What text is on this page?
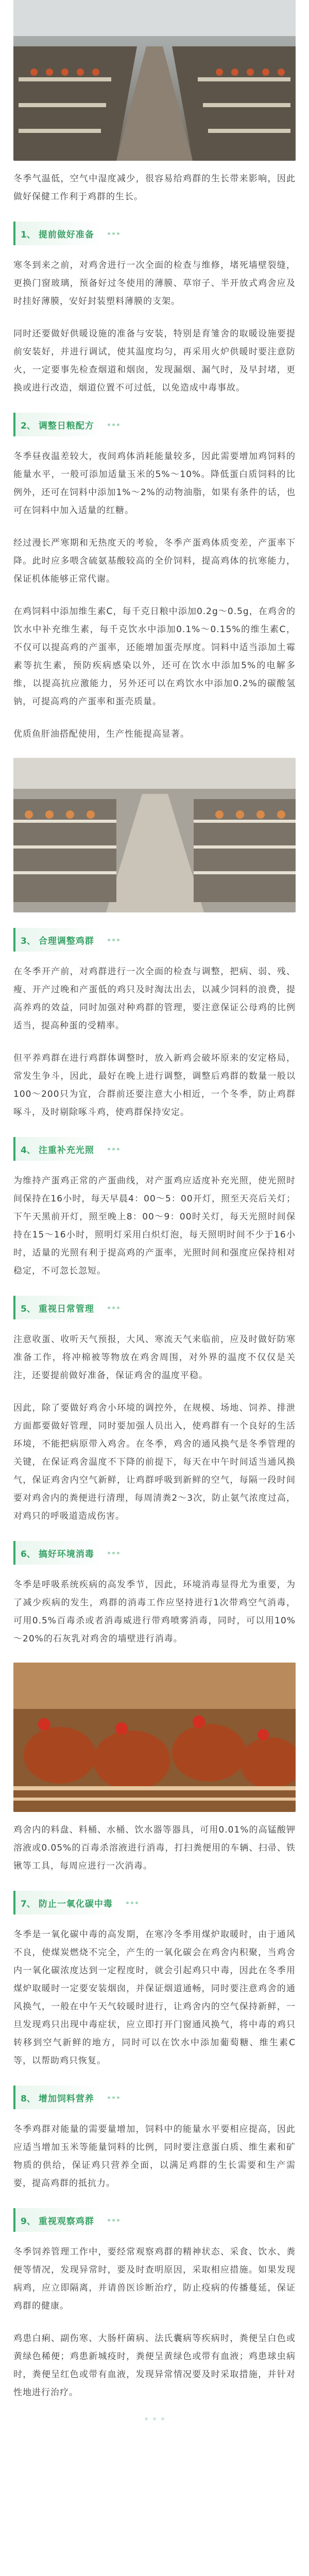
冬季气温低，空气中湿度减少，很容易给鸡群的生长带来影响，因此做好保健工作利于鸡群的生长。

1、 提前做好准备

寒冬到来之前，对鸡舍进行一次全面的检查与维修，堵死墙壁裂缝，更换门窗玻璃，预备好过冬使用的薄膜、草帘子、半开放式鸡舍应及时挂好薄膜，安好封装塑料薄膜的支架。

同时还要做好供暖设施的准备与安装，特别是育雏舍的取暖设施要提前安装好，并进行调试，使其温度均匀，再采用火炉供暖时要注意防火，一定要事先检查烟道和烟囱，发现漏烟、漏气时，及早封堵，更换或进行改造，烟道位置不可过低，以免造成中毒事故。

2、 调整日粮配方

冬季昼夜温差较大，夜间鸡体消耗能量较多，因此需要增加鸡饲料的能量水平，一般可添加适量玉米的5%～10%。降低蛋白质饲料的比例外，还可在饲料中添加1%～2%的动物油脂，如果有条件的话，也可在饲料中加入适量的红糖。

经过漫长严寒期和无热度天的考验，冬季产蛋鸡体质变差，产蛋率下降。此时应多喂含硫氨基酸较高的全价饲料，提高鸡体的抗寒能力，保证机体能够正常代谢。

在鸡饲料中添加维生素C，每千克日粮中添加0.2g～0.5g，在鸡舍的饮水中补充维生素，每千克饮水中添加0.1%～0.15%的维生素C，不仅可以提高鸡的产蛋率，还能增加蛋壳厚度。饲料中适当添加土霉素等抗生素，预防疾病感染以外，还可在饮水中添加5%的电解多维，以提高抗应激能力，另外还可以在鸡饮水中添加0.2%的碳酸氢钠，可提高鸡的产蛋率和蛋壳质量。

优质鱼肝油搭配使用，生产性能提高显著。

3、 合理调整鸡群

在冬季开产前，对鸡群进行一次全面的检查与调整，把病、弱、残、瘦、开产过晚和产蛋低的鸡只及时淘汰出去，以减少饲料的浪费，提高养鸡的效益，同时加强对种鸡群的管理，要注意保证公母鸡的比例适当，提高种蛋的受精率。

但平养鸡群在进行鸡群体调整时，放入新鸡会破坏原来的安定格局，常发生争斗，因此，最好在晚上进行调整，调整后鸡群的数量一般以100～200只为宜，合群前还要注意大小相近，一个冬季，防止鸡群啄斗，及时剔除啄斗鸡，使鸡群保持安定。

4、 注重补充光照

为维持产蛋鸡正常的产蛋曲线，对产蛋鸡应适度补充光照，使光照时间保持在16小时，每天早晨4：00～5：00开灯，照至天亮后关灯；下午天黑前开灯，照至晚上8：00～9：00时关灯，每天光照时间保持在15～16小时，照明灯采用白炽灯泡，每天照明时间不少于16小时，适量的光照有利于提高鸡的产蛋率，光照时间和强度应保持相对稳定，不可忽长忽短。

5、 重视日常管理

注意收蛋、收听天气预报，大风、寒流天气来临前，应及时做好防寒准备工作，将冲棉被等物放在鸡舍周围，对外界的温度不仅仅是关注，还要提前做好准备，保证鸡舍的温度平稳。

因此，除了要做好鸡舍小环境的调控外，在规模、场地、饲养、排泄方面都要做好管理，同时要加强人员出入，使鸡群有一个良好的生活环境，不能把病原带入鸡舍。在冬季，鸡舍的通风换气是冬季管理的关键，在保证鸡舍温度不下降的前提下，每天在中午时间适当通风换气，保证鸡舍内空气新鲜，让鸡群呼吸到新鲜的空气，每隔一段时间要对鸡舍内的粪便进行清理，每周清粪2～3次，防止氨气浓度过高，对鸡只的呼吸道造成伤害。

6、 搞好环境消毒

冬季是呼吸系统疾病的高发季节，因此，环境消毒显得尤为重要，为了减少疾病的发生，鸡群的消毒工作应坚持进行1次带鸡空气消毒，可用0.5%百毒杀或者消毒威进行带鸡喷雾消毒，同时，可以用10%～20%的石灰乳对鸡舍的墙壁进行消毒。

鸡舍内的料盘、料桶、水桶、饮水器等器具，可用0.01%的高锰酸钾溶液或0.05%的百毒杀溶液进行消毒，打扫粪便用的车辆、扫帚、铁锹等工具，每周应进行一次消毒。

7、 防止一氧化碳中毒

冬季是一氧化碳中毒的高发期，在寒冷冬季用煤炉取暖时，由于通风不良，使煤炭燃烧不完全，产生的一氧化碳会在鸡舍内积聚，当鸡舍内一氧化碳浓度达到一定程度时，就会引起鸡只中毒，因此在冬季用煤炉取暖时一定要安装烟囱，并保证烟道通畅，同时要注意鸡舍的通风换气，一般在中午天气较暖时进行，让鸡舍内的空气保持新鲜，一旦发现鸡只出现中毒症状，应立即打开门窗通风换气，将中毒的鸡只转移到空气新鲜的地方，同时可以在饮水中添加葡萄糖、维生素C等，以帮助鸡只恢复。

8、 增加饲料营养

冬季鸡群对能量的需要量增加，饲料中的能量水平要相应提高，因此应适当增加玉米等能量饲料的比例，同时要注意蛋白质、维生素和矿物质的供给，保证鸡只营养全面，以满足鸡群的生长需要和生产需要，提高鸡群的抵抗力。

9、 重视观察鸡群

冬季饲养管理工作中，要经常观察鸡群的精神状态、采食、饮水、粪便等情况，发现异常时，要及时查明原因，采取相应措施。如果发现病鸡，应立即隔离，并请兽医诊断治疗，防止疫病的传播蔓延，保证鸡群的健康。

鸡患白痢、副伤寒、大肠杆菌病、法氏囊病等疾病时，粪便呈白色或黄绿色稀便；鸡患新城疫时，粪便呈黄绿色或带有血液；鸡患球虫病时，粪便呈红色或带有血液，发现异常情况要及时采取措施，并针对性地进行治疗。
